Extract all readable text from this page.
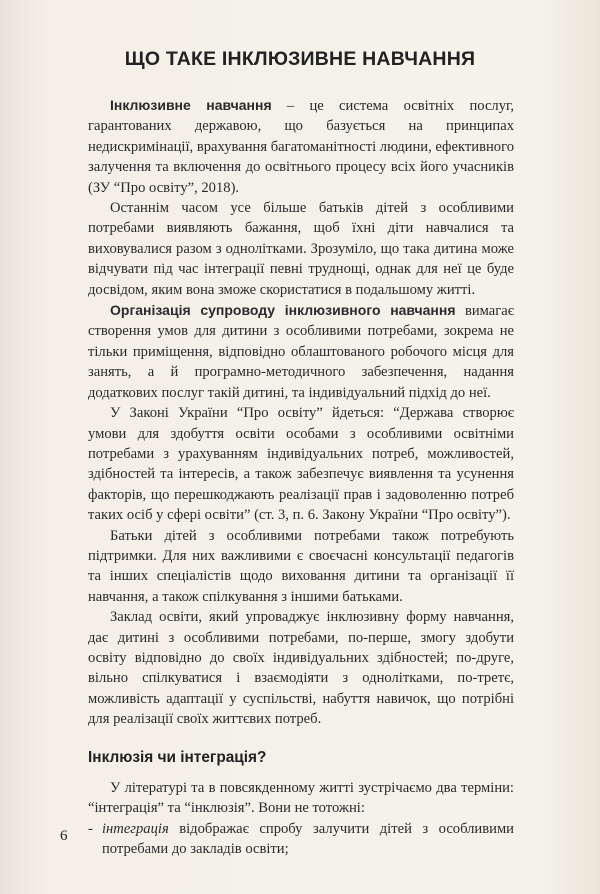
ЩО ТАКЕ ІНКЛЮЗИВНЕ НАВЧАННЯ

Інклюзивне навчання – це система освітніх послуг, гарантованих державою, що базується на принципах недискримінації, врахування багатоманітності людини, ефективного залучення та включення до освітнього процесу всіх його учасників (ЗУ “Про освіту”, 2018).

Останнім часом усе більше батьків дітей з особливими потребами виявляють бажання, щоб їхні діти навчалися та виховувалися разом з однолітками. Зрозуміло, що така дитина може відчувати під час інтеграції певні труднощі, однак для неї це буде досвідом, яким вона зможе скористатися в подальшому житті.

Організація супроводу інклюзивного навчання вимагає створення умов для дитини з особливими потребами, зокрема не тільки приміщення, відповідно облаштованого робочого місця для занять, а й програмно-методичного забезпечення, надання додаткових послуг такій дитині, та індивідуальний підхід до неї.

У Законі України “Про освіту” йдеться: “Держава створює умови для здобуття освіти особами з особливими освітніми потребами з урахуванням індивідуальних потреб, можливостей, здібностей та інтересів, а також забезпечує виявлення та усунення факторів, що перешкоджають реалізації прав і задоволенню потреб таких осіб у сфері освіти” (ст. 3, п. 6. Закону України “Про освіту”).

Батьки дітей з особливими потребами також потребують підтримки. Для них важливими є своєчасні консультації педагогів та інших спеціалістів щодо виховання дитини та організації її навчання, а також спілкування з іншими батьками.

Заклад освіти, який упроваджує інклюзивну форму навчання, дає дитині з особливими потребами, по-перше, змогу здобути освіту відповідно до своїх індивідуальних здібностей; по-друге, вільно спілкуватися і взаємодіяти з однолітками, по-третє, можливість адаптації у суспільстві, набуття навичок, що потрібні для реалізації своїх життєвих потреб.

Інклюзія чи інтеграція?

У літературі та в повсякденному житті зустрічаємо два терміни: “інтеграція” та “інклюзія”. Вони не тотожні:

- інтеграція відображає спробу залучити дітей з особливими потребами до закладів освіти;
6
